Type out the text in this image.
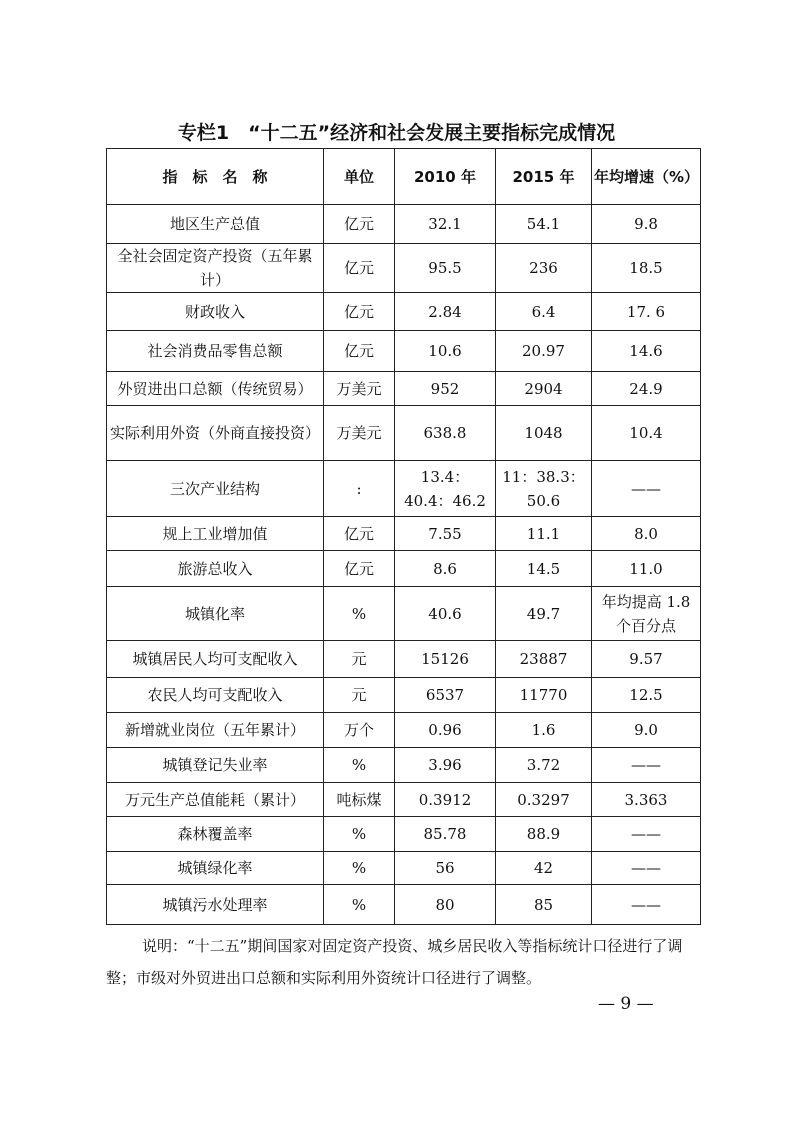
专栏1　“十二五”经济和社会发展主要指标完成情况
指　标　名　称	单位	2010 年	2015 年	年均增速（%）
地区生产总值	亿元	32.1	54.1	9.8
全社会固定资产投资（五年累计）	亿元	95.5	236	18.5
财政收入	亿元	2.84	6.4	17. 6
社会消费品零售总额	亿元	10.6	20.97	14.6
外贸进出口总额（传统贸易）	万美元	952	2904	24.9
实际利用外资（外商直接投资）	万美元	638.8	1048	10.4
三次产业结构	:	13.4：40.4：46.2	11：38.3：50.6	——
规上工业增加值	亿元	7.55	11.1	8.0
旅游总收入	亿元	8.6	14.5	11.0
城镇化率	%	40.6	49.7	年均提高 1.8 个百分点
城镇居民人均可支配收入	元	15126	23887	9.57
农民人均可支配收入	元	6537	11770	12.5
新增就业岗位（五年累计）	万个	0.96	1.6	9.0
城镇登记失业率	%	3.96	3.72	——
万元生产总值能耗（累计）	吨标煤	0.3912	0.3297	3.363
森林覆盖率	%	85.78	88.9	——
城镇绿化率	%	56	42	——
城镇污水处理率	%	80	85	——
说明：“十二五”期间国家对固定资产投资、城乡居民收入等指标统计口径进行了调整；市级对外贸进出口总额和实际利用外资统计口径进行了调整。
— 9 —
